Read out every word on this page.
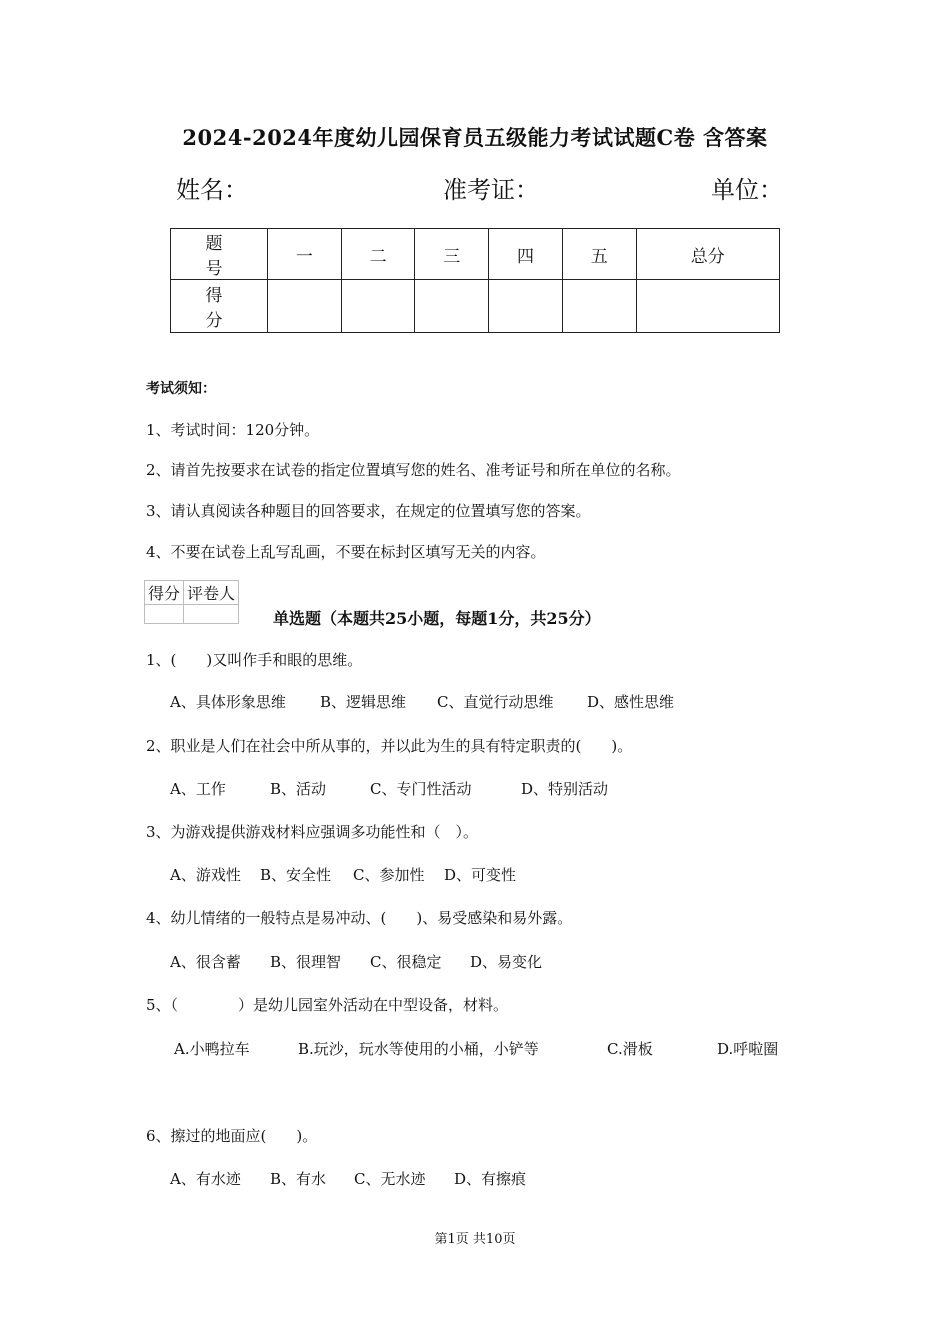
2024-2024年度幼儿园保育员五级能力考试试题C卷 含答案
姓名：	准考证：	单位：
题 号	一	二	三	四	五	总分
得 分						
考试须知：
1、考试时间：120分钟。
2、请首先按要求在试卷的指定位置填写您的姓名、准考证号和所在单位的名称。
3、请认真阅读各种题目的回答要求，在规定的位置填写您的答案。
4、不要在试卷上乱写乱画，不要在标封区填写无关的内容。
得分	评卷人

单选题（本题共25小题，每题1分，共25分）
1、(　　)又叫作手和眼的思维。
A、具体形象思维 B、逻辑思维 C、直觉行动思维 D、感性思维
2、职业是人们在社会中所从事的，并以此为生的具有特定职责的(　　)。
A、工作	B、活动	C、专门性活动	D、特别活动
3、为游戏提供游戏材料应强调多功能性和（　）。
A、游戏性 B、安全性 C、参加性 D、可变性
4、幼儿情绪的一般特点是易冲动、(　　)、易受感染和易外露。
A、很含蓄 B、很理智 C、很稳定 D、易变化
5、（　　　　）是幼儿园室外活动在中型设备，材料。
A.小鸭拉车	B.玩沙，玩水等使用的小桶，小铲等	C.滑板	D.呼啦圈
6、擦过的地面应(　　)。
A、有水迹 B、有水 C、无水迹 D、有擦痕
第1页 共10页
